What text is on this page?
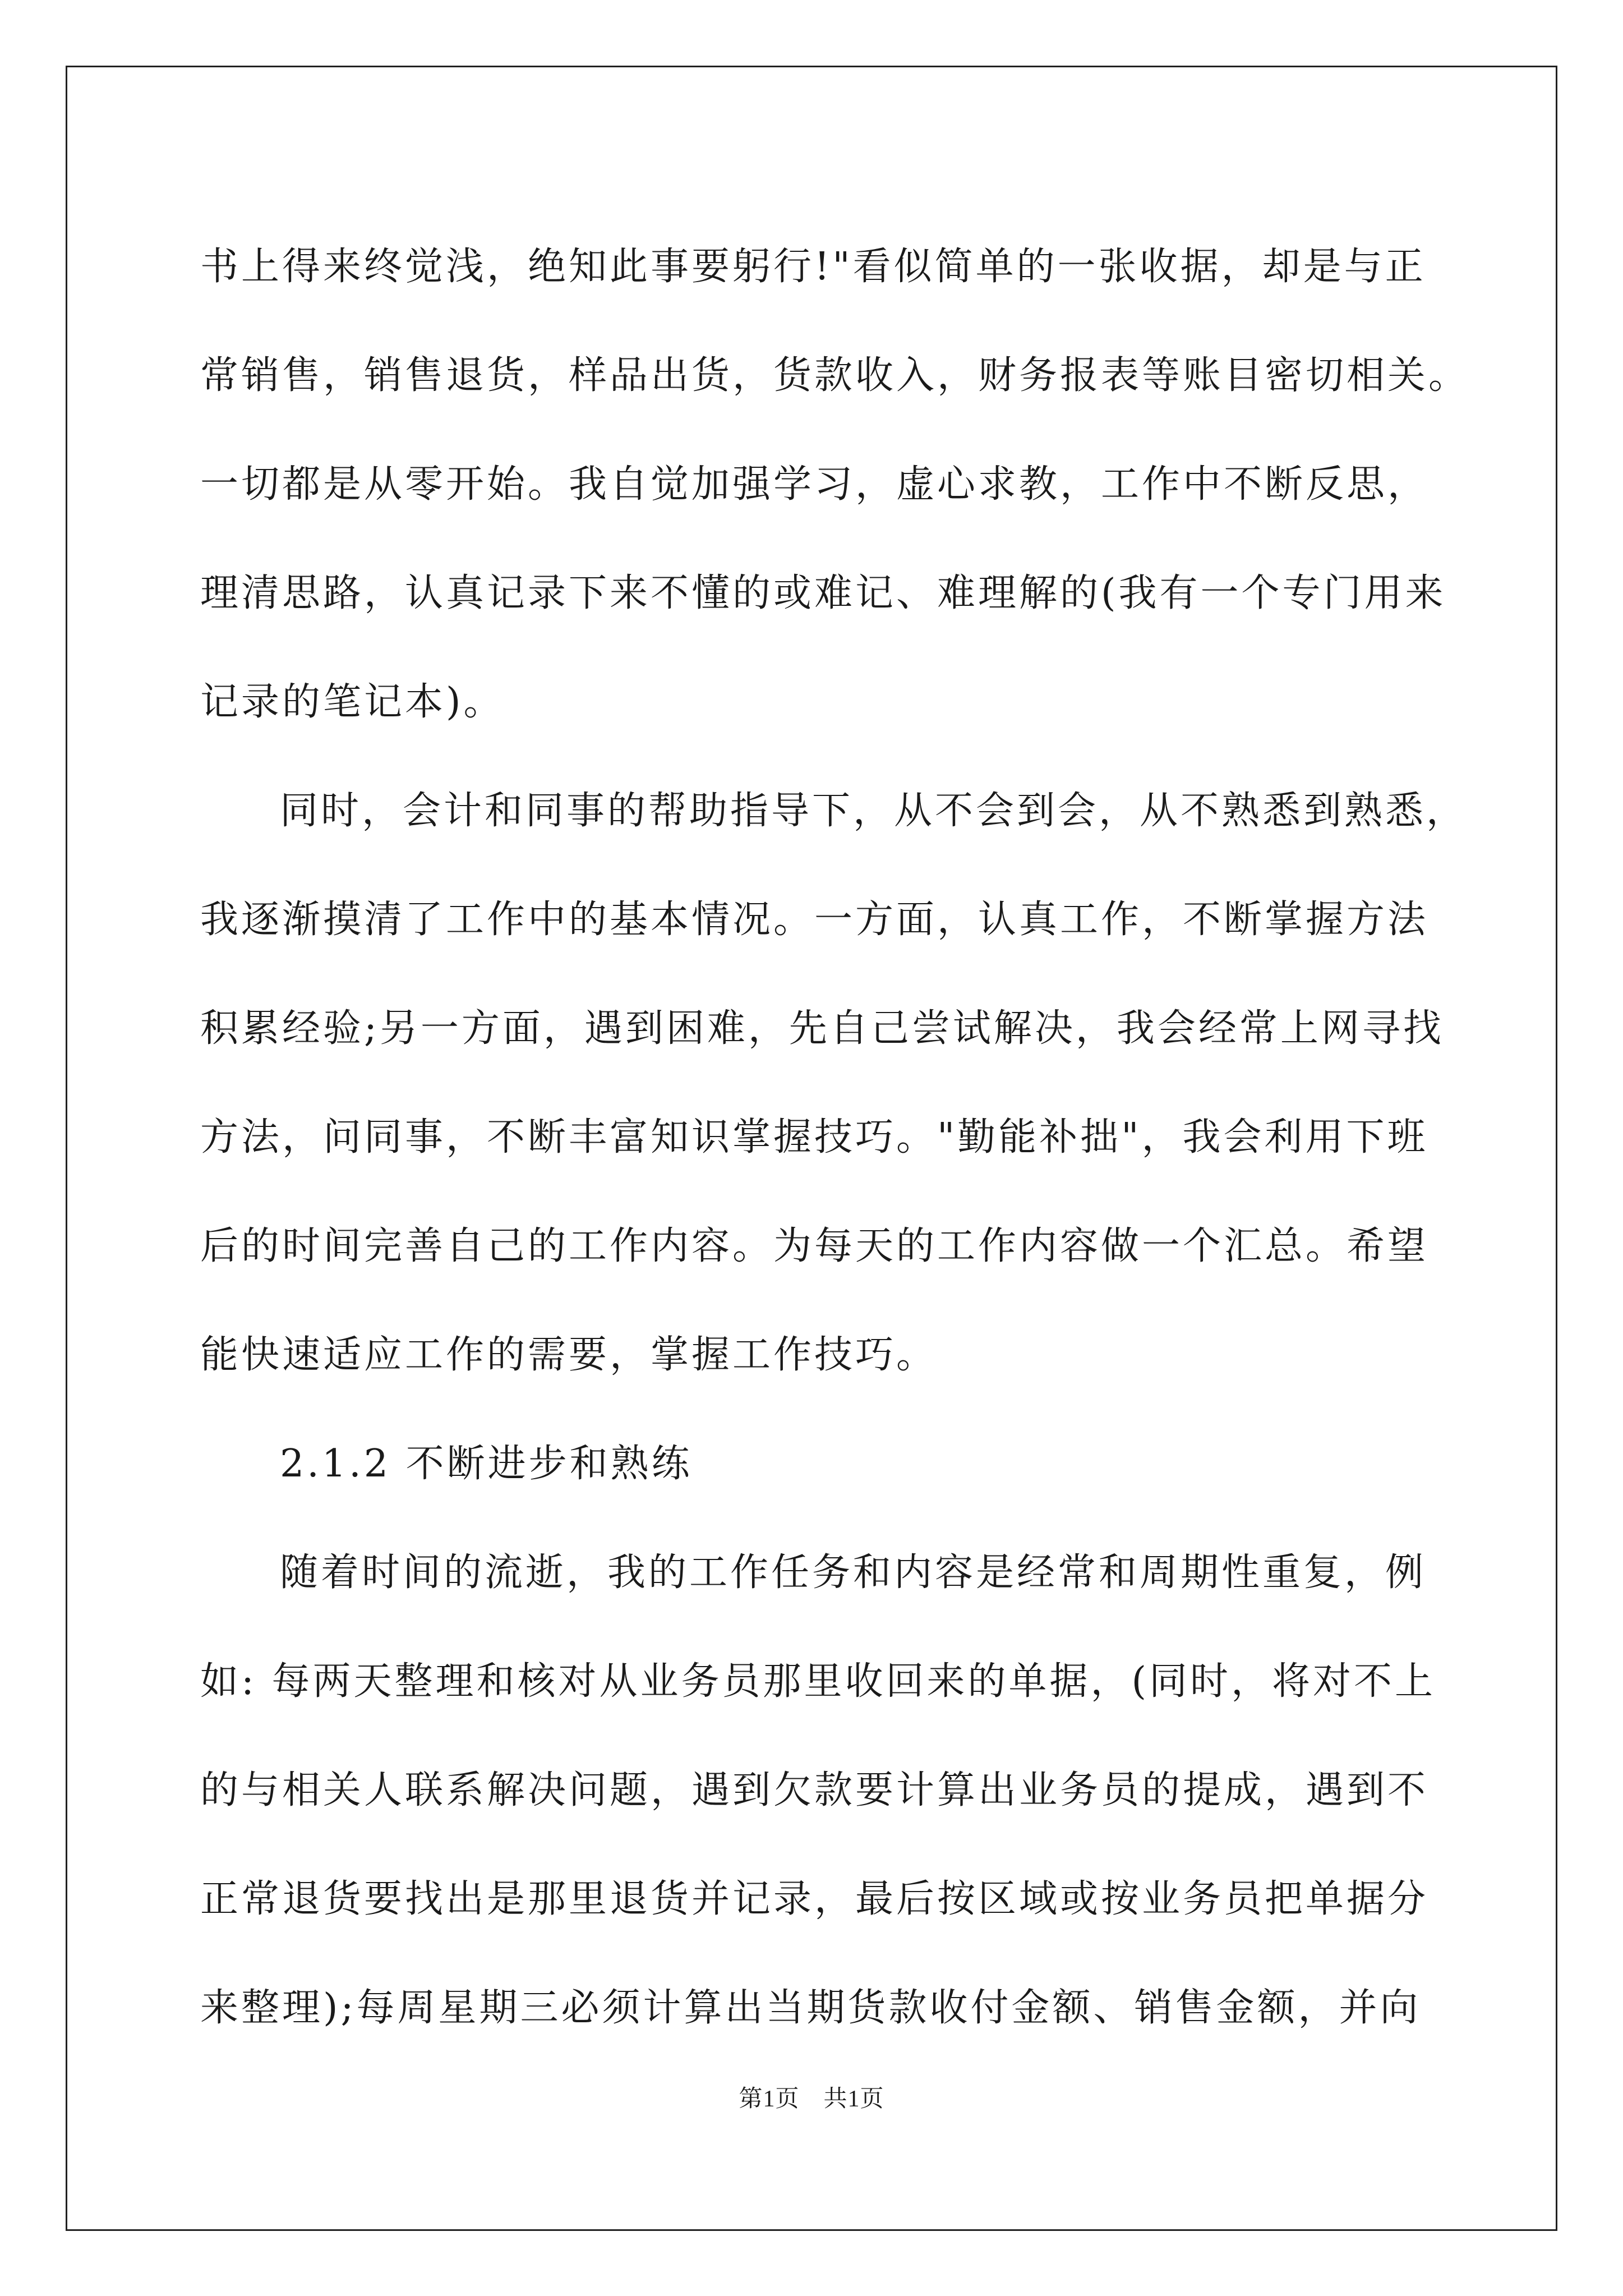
书上得来终觉浅，绝知此事要躬行!"看似简单的一张收据，却是与正
常销售，销售退货，样品出货，货款收入，财务报表等账目密切相关。
一切都是从零开始。我自觉加强学习，虚心求教，工作中不断反思，
理清思路，认真记录下来不懂的或难记、难理解的(我有一个专门用来
记录的笔记本)。
同时，会计和同事的帮助指导下，从不会到会，从不熟悉到熟悉，
我逐渐摸清了工作中的基本情况。一方面，认真工作，不断掌握方法
积累经验;另一方面，遇到困难，先自己尝试解决，我会经常上网寻找
方法，问同事，不断丰富知识掌握技巧。"勤能补拙"，我会利用下班
后的时间完善自己的工作内容。为每天的工作内容做一个汇总。希望
能快速适应工作的需要，掌握工作技巧。
2.1.2 不断进步和熟练
随着时间的流逝，我的工作任务和内容是经常和周期性重复，例
如: 每两天整理和核对从业务员那里收回来的单据，(同时，将对不上
的与相关人联系解决问题，遇到欠款要计算出业务员的提成，遇到不
正常退货要找出是那里退货并记录，最后按区域或按业务员把单据分
来整理);每周星期三必须计算出当期货款收付金额、销售金额，并向
第1页　共1页
